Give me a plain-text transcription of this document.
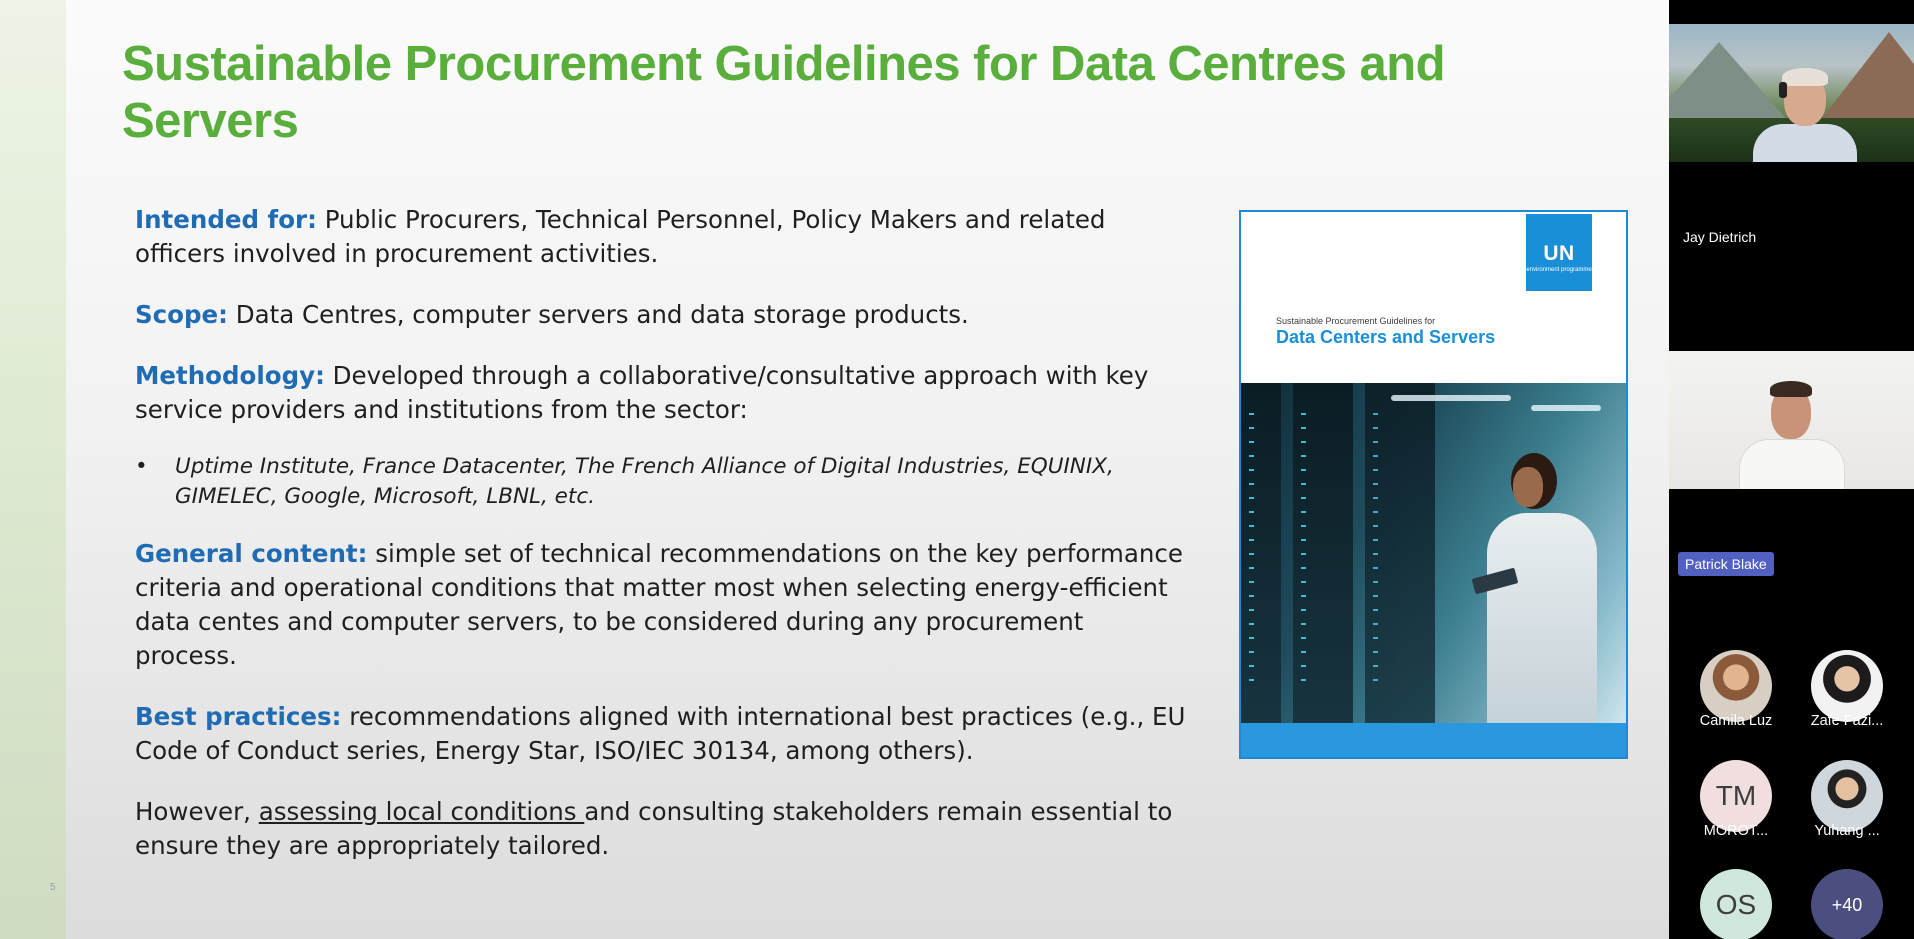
Sustainable Procurement Guidelines for Data Centres and Servers

Intended for: Public Procurers, Technical Personnel, Policy Makers and related officers involved in procurement activities.

Scope: Data Centres, computer servers and data storage products.

Methodology: Developed through a collaborative/consultative approach with key service providers and institutions from the sector:

•	Uptime Institute, France Datacenter, The French Alliance of Digital Industries, EQUINIX, GIMELEC, Google, Microsoft, LBNL, etc.

General content: simple set of technical recommendations on the key performance criteria and operational conditions that matter most when selecting energy-efficient data centes and computer servers, to be considered during any procurement process.

Best practices: recommendations aligned with international best practices (e.g., EU Code of Conduct series, Energy Star, ISO/IEC 30134, among others).

However, assessing local conditions and consulting stakeholders remain essential to ensure they are appropriately tailored.

5
UN
environment programme
Sustainable Procurement Guidelines for
Data Centers and Servers
Jay Dietrich
Patrick Blake
Camila Luz	Zafe Fazi...
TM
MOROT...	Yuhang ...
OS	+40
